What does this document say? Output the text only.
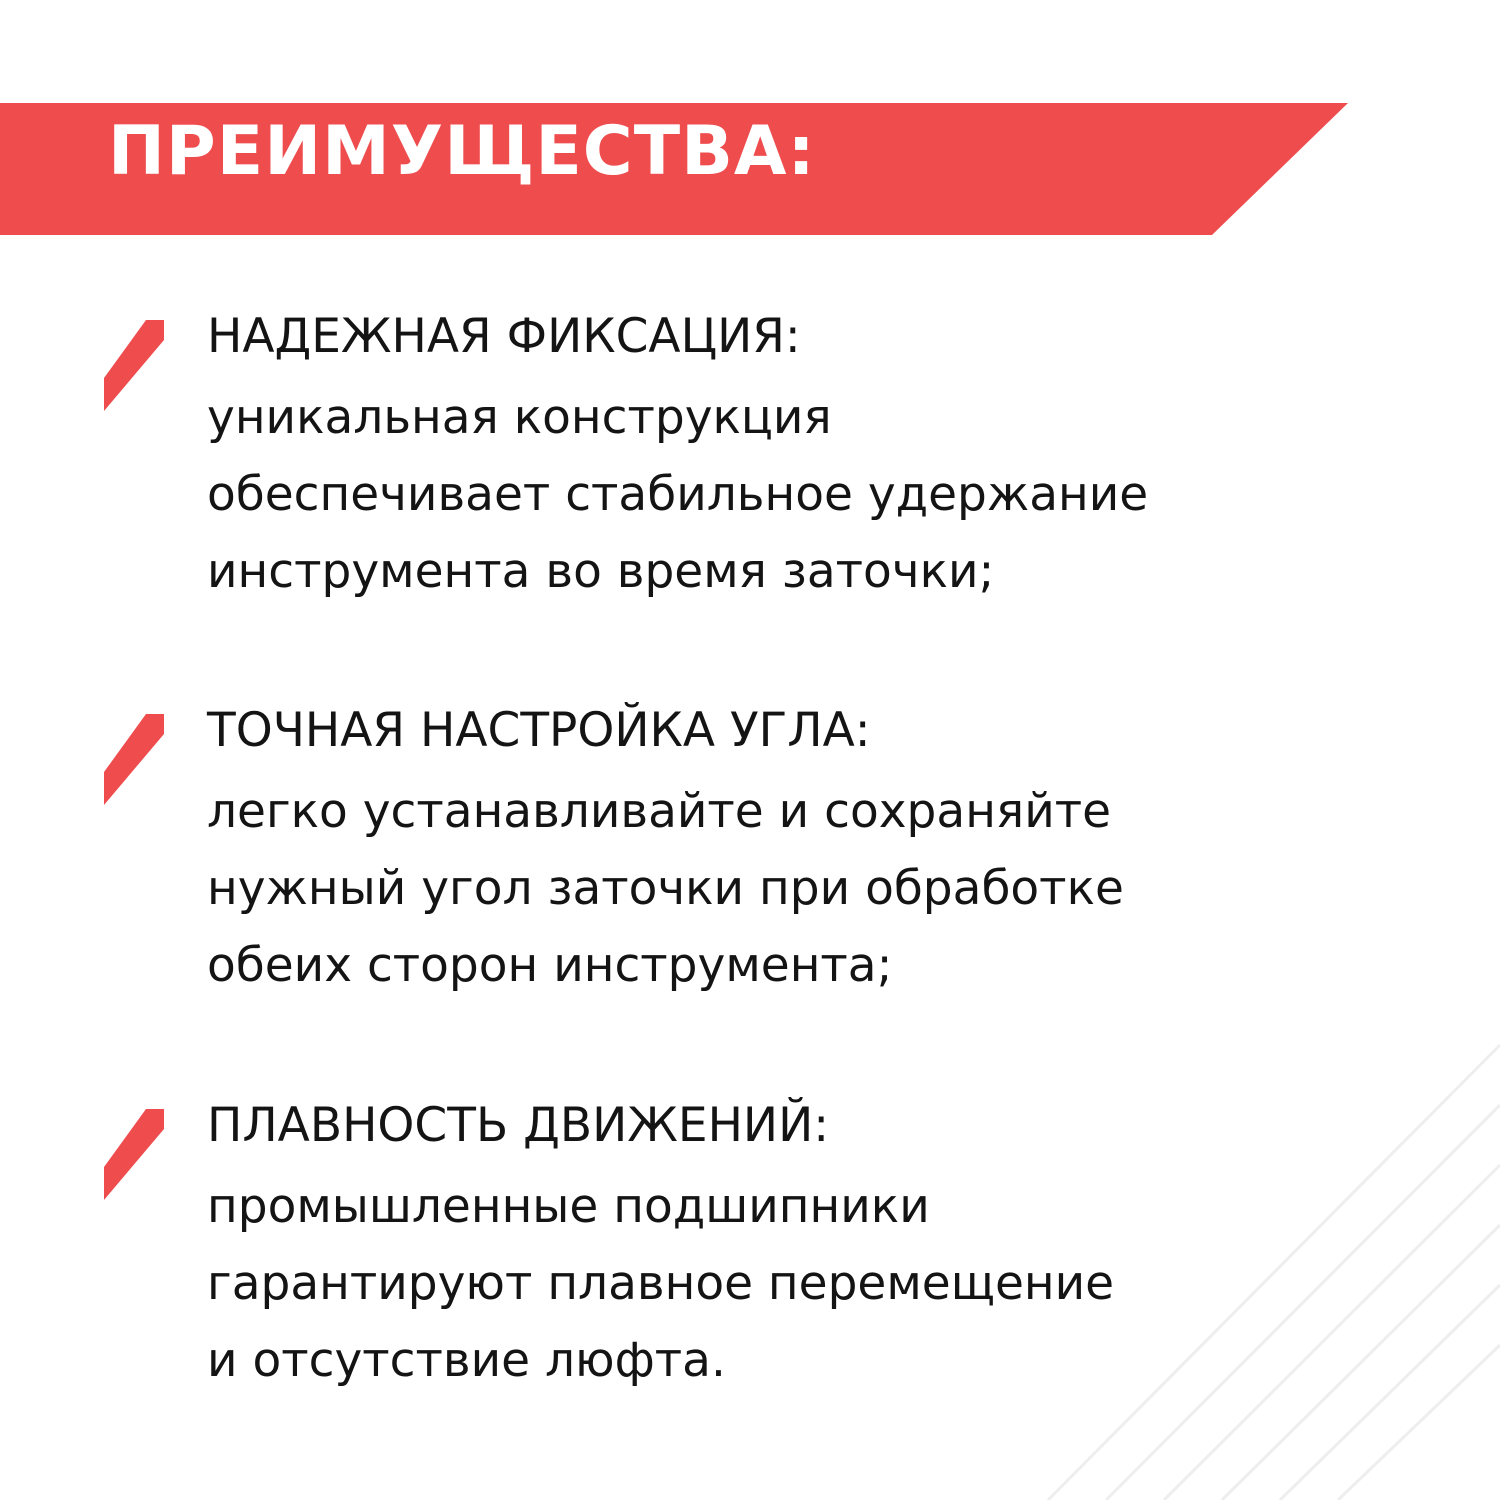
ПРЕИМУЩЕСТВА:
НАДЕЖНАЯ ФИКСАЦИЯ:

уникальная конструкция
обеспечивает стабильное удержание
инструмента во время заточки;

ТОЧНАЯ НАСТРОЙКА УГЛА:

легко устанавливайте и сохраняйте
нужный угол заточки при обработке
обеих сторон инструмента;

ПЛАВНОСТЬ ДВИЖЕНИЙ:

промышленные подшипники
гарантируют плавное перемещение
и отсутствие люфта.
